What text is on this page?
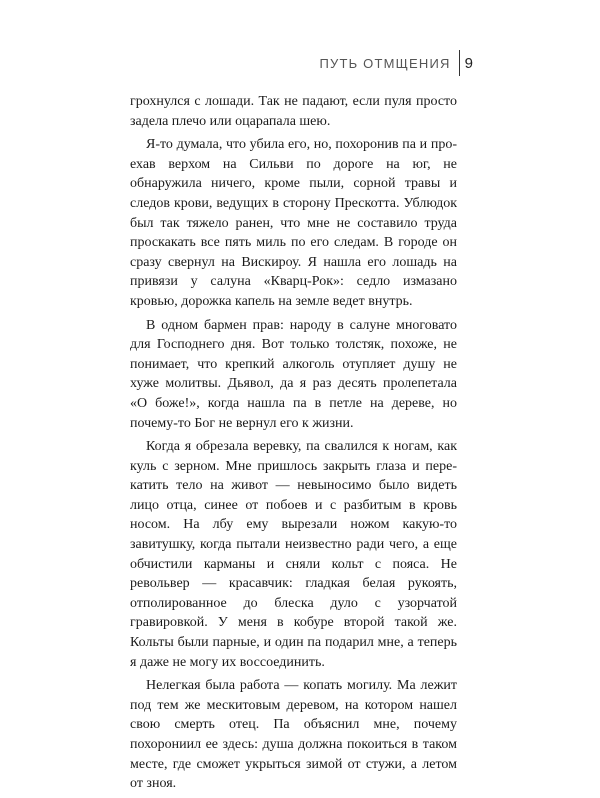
ПУТЬ ОТМЩЕНИЯ 9

грохнулся с лошади. Так не падают, если пуля просто задела плечо или оцарапала шею.

Я-то думала, что убила его, но, похоронив па и проехав верхом на Сильви по дороге на юг, не обнаружила ничего, кроме пыли, сорной травы и следов крови, ведущих в сторону Прескотта. Ублюдок был так тяжело ранен, что мне не составило труда проскакать все пять миль по его следам. В городе он сразу свернул на Вискироу. Я нашла его лошадь на привязи у салуна «Кварц-Рок»: седло измазано кровью, дорожка капель на земле ведет внутрь.

В одном бармен прав: народу в салуне многовато для Господнего дня. Вот только толстяк, похоже, не понимает, что крепкий алкоголь отупляет душу не хуже молитвы. Дьявол, да я раз десять пролепетала «О боже!», когда нашла па в петле на дереве, но почему-то Бог не вернул его к жизни.

Когда я обрезала веревку, па свалился к ногам, как куль с зерном. Мне пришлось закрыть глаза и перекатить тело на живот — невыносимо было видеть лицо отца, синее от побоев и с разбитым в кровь носом. На лбу ему вырезали ножом какую-то завитушку, когда пытали неизвестно ради чего, а еще обчистили карманы и сняли кольт с пояса. Не револьвер — красавчик: гладкая белая рукоять, отполированное до блеска дуло с узорчатой гравировкой. У меня в кобуре второй такой же. Кольты были парные, и один па подарил мне, а теперь я даже не могу их воссоединить.

Нелегкая была работа — копать могилу. Ма лежит под тем же мескитовым деревом, на котором нашел свою смерть отец. Па объяснил мне, почему похорониил ее здесь: душа должна покоиться в таком месте, где сможет укрыться зимой от стужи, а летом от зноя.
